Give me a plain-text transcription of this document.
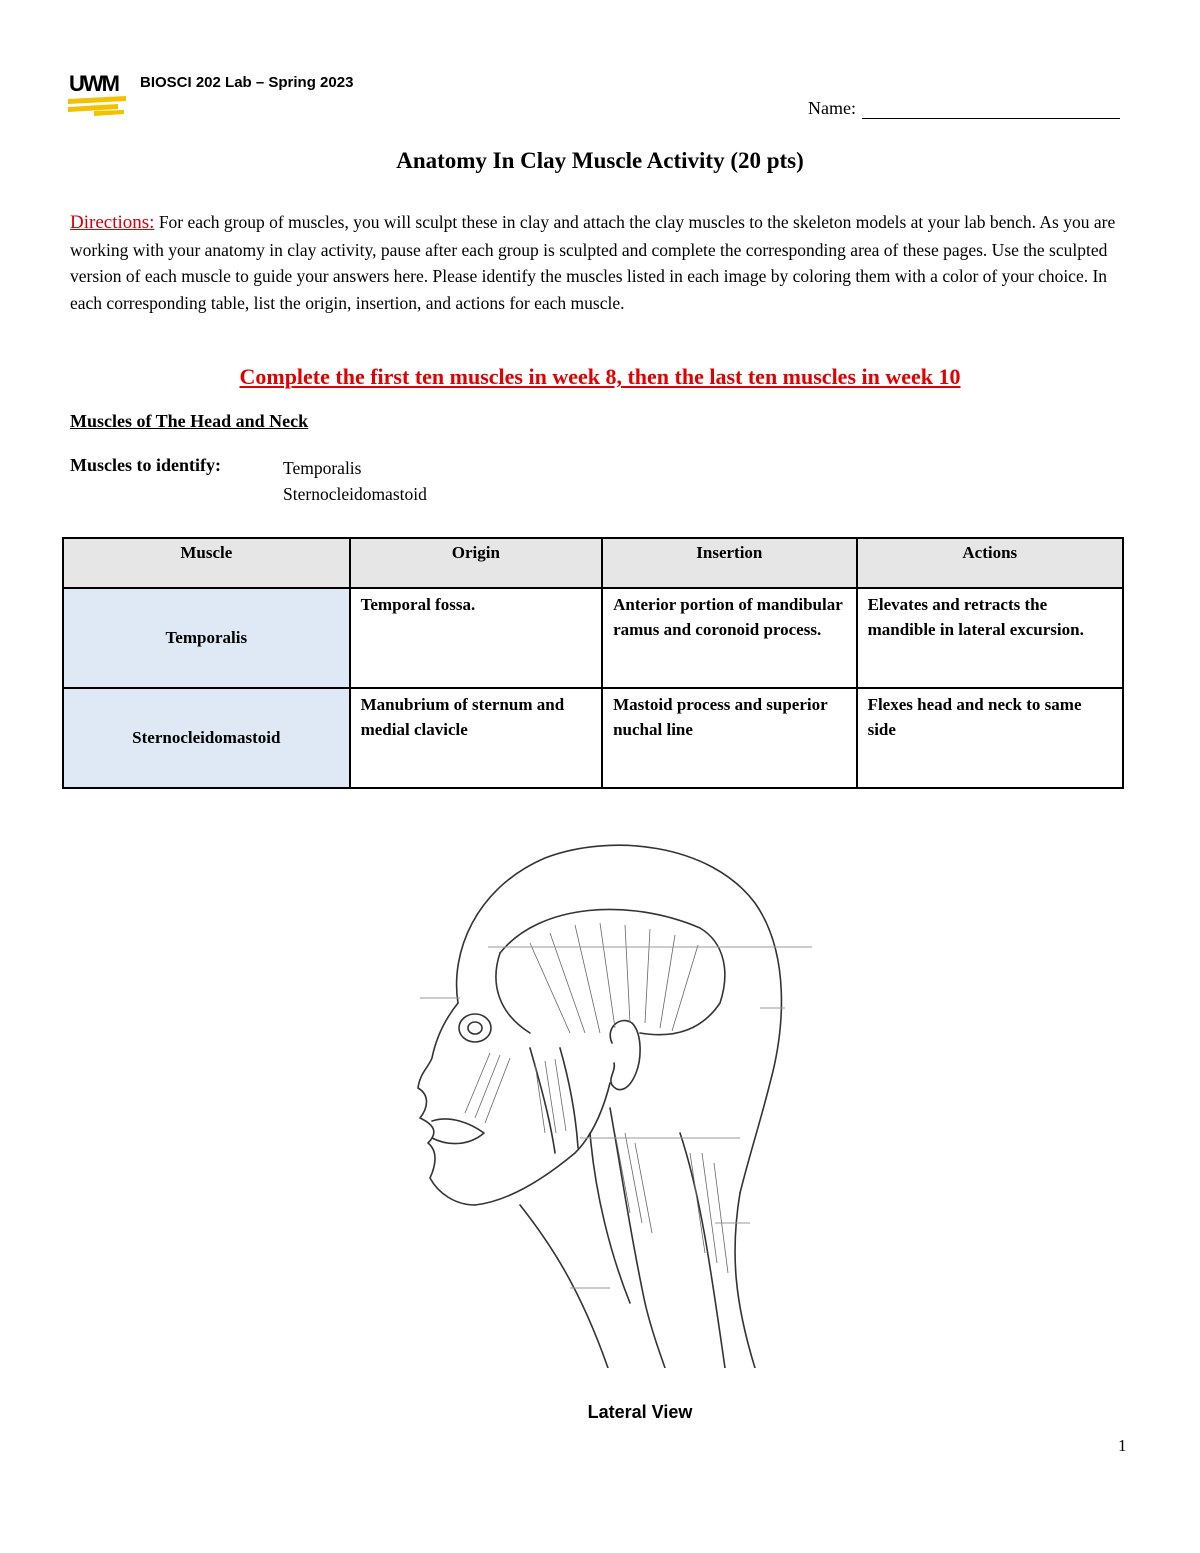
UWM BIOSCI 202 Lab – Spring 2023
Name:
Anatomy In Clay Muscle Activity (20 pts)
Directions: For each group of muscles, you will sculpt these in clay and attach the clay muscles to the skeleton models at your lab bench. As you are working with your anatomy in clay activity, pause after each group is sculpted and complete the corresponding area of these pages. Use the sculpted version of each muscle to guide your answers here. Please identify the muscles listed in each image by coloring them with a color of your choice. In each corresponding table, list the origin, insertion, and actions for each muscle.
Complete the first ten muscles in week 8, then the last ten muscles in week 10
Muscles of The Head and Neck
Muscles to identify:	Temporalis
Sternocleidomastoid
Muscle	Origin	Insertion	Actions
Temporalis	Temporal fossa.	Anterior portion of mandibular ramus and coronoid process.	Elevates and retracts the mandible in lateral excursion.
Sternocleidomastoid	Manubrium of sternum and medial clavicle	Mastoid process and superior nuchal line	Flexes head and neck to same side
Lateral View
1
